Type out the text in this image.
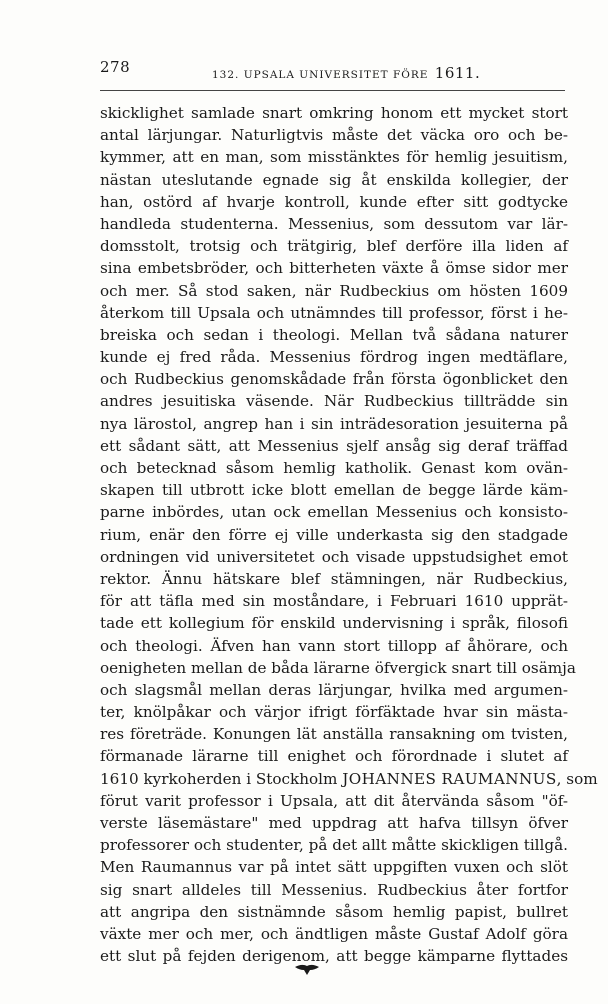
278	132. UPSALA UNIVERSITET FÖRE 1611.
skicklighet samlade snart omkring honom ett mycket stort
antal lärjungar. Naturligtvis måste det väcka oro och be-
kymmer, att en man, som misstänktes för hemlig jesuitism,
nästan uteslutande egnade sig åt enskilda kollegier, der
han, ostörd af hvarje kontroll, kunde efter sitt godtycke
handleda studenterna. Messenius, som dessutom var lär-
domsstolt, trotsig och trätgirig, blef derföre illa liden af
sina embetsbröder, och bitterheten växte å ömse sidor mer
och mer. Så stod saken, när Rudbeckius om hösten 1609
återkom till Upsala och utnämndes till professor, först i he-
breiska och sedan i theologi. Mellan två sådana naturer
kunde ej fred råda. Messenius fördrog ingen medtäflare,
och Rudbeckius genomskådade från första ögonblicket den
andres jesuitiska väsende. När Rudbeckius tillträdde sin
nya lärostol, angrep han i sin inträdesoration jesuiterna på
ett sådant sätt, att Messenius sjelf ansåg sig deraf träffad
och betecknad såsom hemlig katholik. Genast kom ovän-
skapen till utbrott icke blott emellan de begge lärde käm-
parne inbördes, utan ock emellan Messenius och konsisto-
rium, enär den förre ej ville underkasta sig den stadgade
ordningen vid universitetet och visade uppstudsighet emot
rektor. Ännu hätskare blef stämningen, när Rudbeckius,
för att täfla med sin moståndare, i Februari 1610 upprät-
tade ett kollegium för enskild undervisning i språk, filosofi
och theologi. Äfven han vann stort tillopp af åhörare, och
oenigheten mellan de båda lärarne öfvergick snart till osämja
och slagsmål mellan deras lärjungar, hvilka med argumen-
ter, knölpåkar och värjor ifrigt förfäktade hvar sin mästa-
res företräde. Konungen lät anställa ransakning om tvisten,
förmanade lärarne till enighet och förordnade i slutet af
1610 kyrkoherden i Stockholm JOHANNES RAUMANNUS, som
förut varit professor i Upsala, att dit återvända såsom "öf-
verste läsemästare" med uppdrag att hafva tillsyn öfver
professorer och studenter, på det allt måtte skickligen tillgå.
Men Raumannus var på intet sätt uppgiften vuxen och slöt
sig snart alldeles till Messenius. Rudbeckius åter fortfor
att angripa den sistnämnde såsom hemlig papist, bullret
växte mer och mer, och ändtligen måste Gustaf Adolf göra
ett slut på fejden derigenom, att begge kämparne flyttades
